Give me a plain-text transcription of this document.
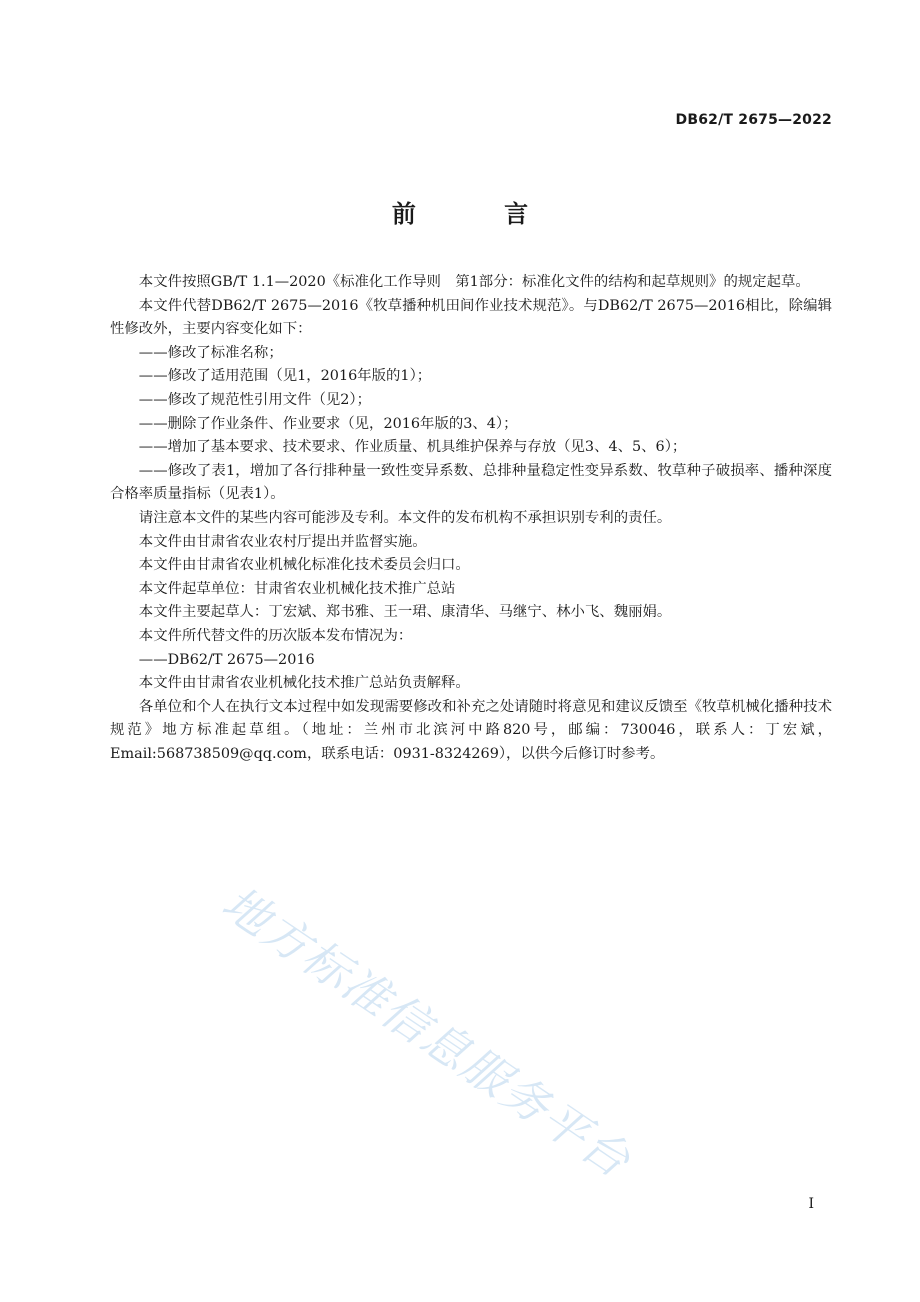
DB62/T 2675—2022
前 言

本文件按照GB/T 1.1—2020《标准化工作导则　第1部分：标准化文件的结构和起草规则》的规定起草。

本文件代替DB62/T 2675—2016《牧草播种机田间作业技术规范》。与DB62/T 2675—2016相比，除编辑性修改外，主要内容变化如下：

——修改了标准名称；

——修改了适用范围（见1，2016年版的1）；

——修改了规范性引用文件（见2）；

——删除了作业条件、作业要求（见，2016年版的3、4）；

——增加了基本要求、技术要求、作业质量、机具维护保养与存放（见3、4、5、6）；

——修改了表1，增加了各行排种量一致性变异系数、总排种量稳定性变异系数、牧草种子破损率、播种深度合格率质量指标（见表1）。

请注意本文件的某些内容可能涉及专利。本文件的发布机构不承担识别专利的责任。

本文件由甘肃省农业农村厅提出并监督实施。

本文件由甘肃省农业机械化标准化技术委员会归口。

本文件起草单位：甘肃省农业机械化技术推广总站

本文件主要起草人：丁宏斌、郑书雅、王一珺、康清华、马继宁、林小飞、魏丽娟。

本文件所代替文件的历次版本发布情况为：

——DB62/T 2675—2016

本文件由甘肃省农业机械化技术推广总站负责解释。

各单位和个人在执行文本过程中如发现需要修改和补充之处请随时将意见和建议反馈至《牧草机械化播种技术规范》地方标准起草组。（地址：兰州市北滨河中路820号，邮编：730046，联系人：丁宏斌，Email:568738509@qq.com，联系电话：0931-8324269），以供今后修订时参考。

地方标准信息服务平台
I
